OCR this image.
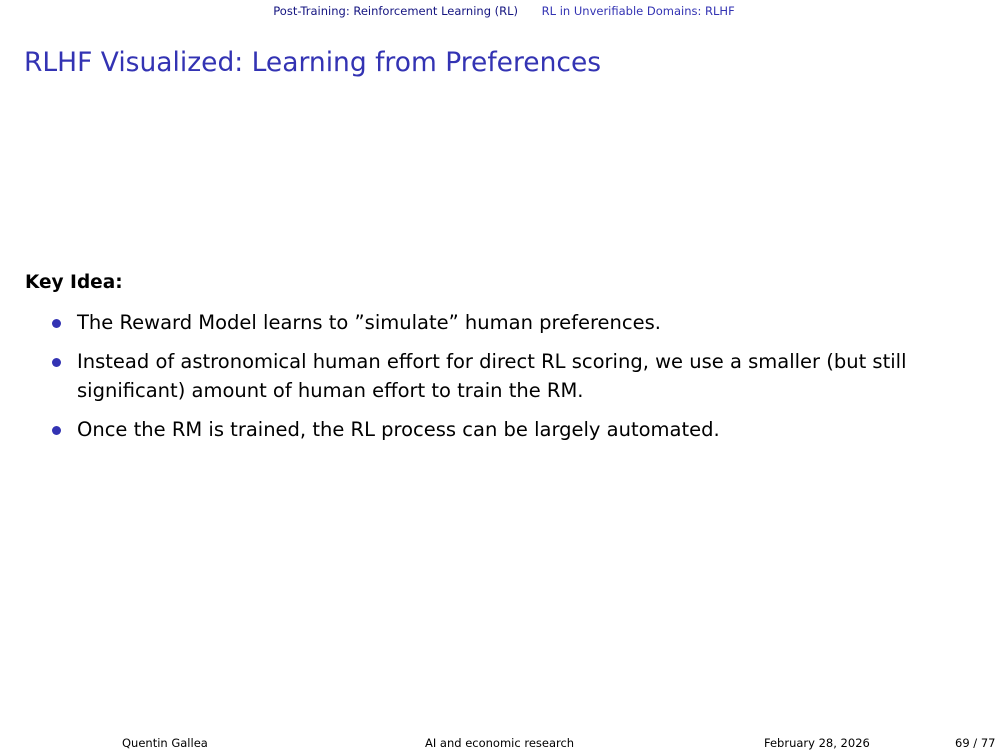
Post-Training: Reinforcement Learning (RL) RL in Unverifiable Domains: RLHF
RLHF Visualized: Learning from Preferences
Key Idea:
The Reward Model learns to ”simulate” human preferences.
Instead of astronomical human effort for direct RL scoring, we use a smaller (but still significant) amount of human effort to train the RM.
Once the RM is trained, the RL process can be largely automated.
Quentin Gallea	AI and economic research	February 28, 2026	69 / 77
